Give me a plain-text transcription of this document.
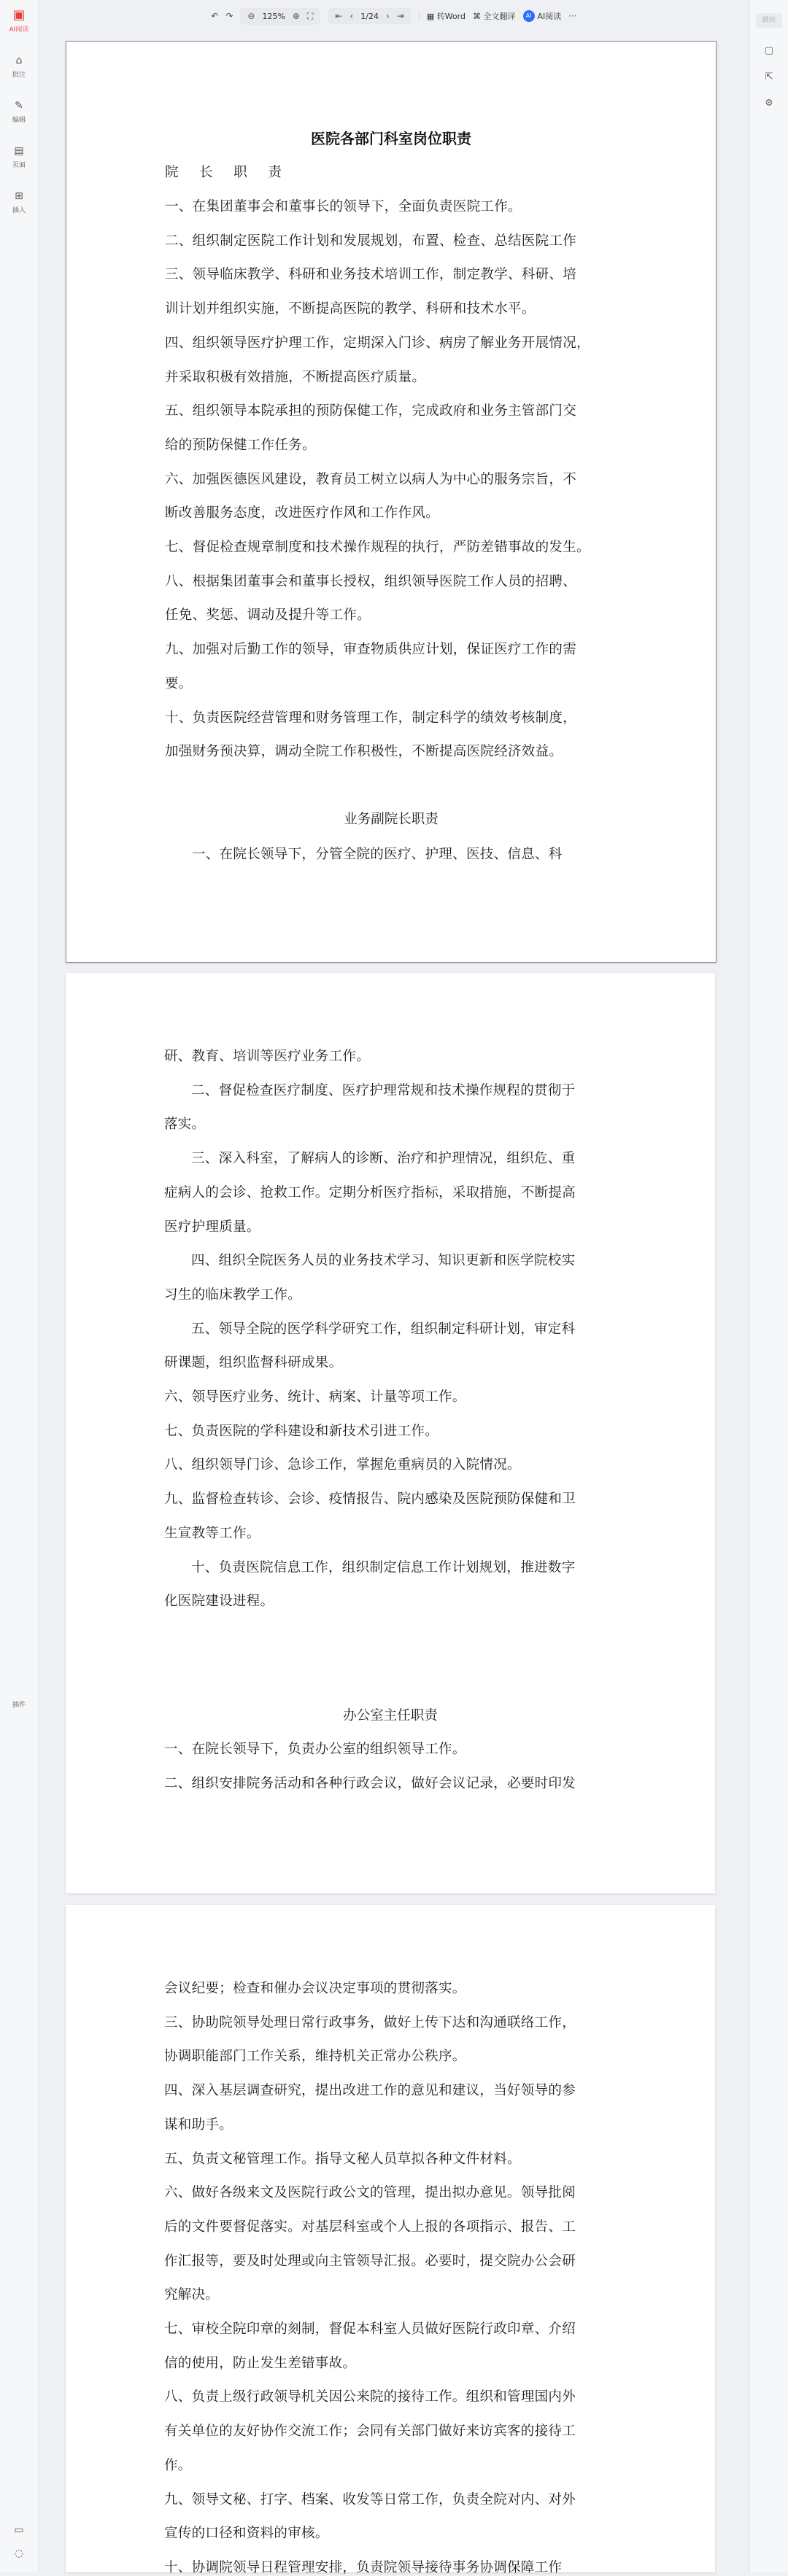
▣
AI阅读
⌂
批注
✎
编辑
▤
页面
⊞
插入
插件
▭
◌
跳转
▢
⇱
⚙
↶ ↷ ⊖ 125% ⊕ ⛶	⇤ ‹ 1/24 › ⇥	▦ 转Word ⌘ 全文翻译	AI AI阅读 ···
医院各部门科室岗位职责
院 长 职 责
一、在集团董事会和董事长的领导下，全面负责医院工作。
二、组织制定医院工作计划和发展规划，布置、检查、总结医院工作
三、领导临床教学、科研和业务技术培训工作，制定教学、科研、培
训计划并组织实施，不断提高医院的教学、科研和技术水平。
四、组织领导医疗护理工作，定期深入门诊、病房了解业务开展情况，
并采取积极有效措施，不断提高医疗质量。
五、组织领导本院承担的预防保健工作，完成政府和业务主管部门交
给的预防保健工作任务。
六、加强医德医风建设，教育员工树立以病人为中心的服务宗旨，不
断改善服务态度，改进医疗作风和工作作风。
七、督促检查规章制度和技术操作规程的执行，严防差错事故的发生。
八、根据集团董事会和董事长授权，组织领导医院工作人员的招聘、
任免、奖惩、调动及提升等工作。
九、加强对后勤工作的领导，审查物质供应计划，保证医疗工作的需
要。
十、负责医院经营管理和财务管理工作，制定科学的绩效考核制度，
加强财务预决算，调动全院工作积极性，不断提高医院经济效益。
业务副院长职责
一、在院长领导下，分管全院的医疗、护理、医技、信息、科
研、教育、培训等医疗业务工作。
二、督促检查医疗制度、医疗护理常规和技术操作规程的贯彻于
落实。
三、深入科室，了解病人的诊断、治疗和护理情况，组织危、重
症病人的会诊、抢救工作。定期分析医疗指标，采取措施，不断提高
医疗护理质量。
四、组织全院医务人员的业务技术学习、知识更新和医学院校实
习生的临床教学工作。
五、领导全院的医学科学研究工作，组织制定科研计划，审定科
研课题，组织监督科研成果。
六、领导医疗业务、统计、病案、计量等项工作。
七、负责医院的学科建设和新技术引进工作。
八、组织领导门诊、急诊工作，掌握危重病员的入院情况。
九、监督检查转诊、会诊、疫情报告、院内感染及医院预防保健和卫
生宣教等工作。
十、负责医院信息工作，组织制定信息工作计划规划，推进数字
化医院建设进程。
办公室主任职责
一、在院长领导下，负责办公室的组织领导工作。
二、组织安排院务活动和各种行政会议，做好会议记录，必要时印发
会议纪要；检查和催办会议决定事项的贯彻落实。
三、协助院领导处理日常行政事务，做好上传下达和沟通联络工作，
协调职能部门工作关系，维持机关正常办公秩序。
四、深入基层调查研究，提出改进工作的意见和建议，当好领导的参
谋和助手。
五、负责文秘管理工作。指导文秘人员草拟各种文件材料。
六、做好各级来文及医院行政公文的管理，提出拟办意见。领导批阅
后的文件要督促落实。对基层科室或个人上报的各项指示、报告、工
作汇报等，要及时处理或向主管领导汇报。必要时，提交院办公会研
究解决。
七、审校全院印章的刻制，督促本科室人员做好医院行政印章、介绍
信的使用，防止发生差错事故。
八、负责上级行政领导机关因公来院的接待工作。组织和管理国内外
有关单位的友好协作交流工作；会同有关部门做好来访宾客的接待工
作。
九、领导文秘、打字、档案、收发等日常工作，负责全院对内、对外
宣传的口径和资料的审核。
十、协调院领导日程管理安排，负责院领导接待事务协调保障工作
